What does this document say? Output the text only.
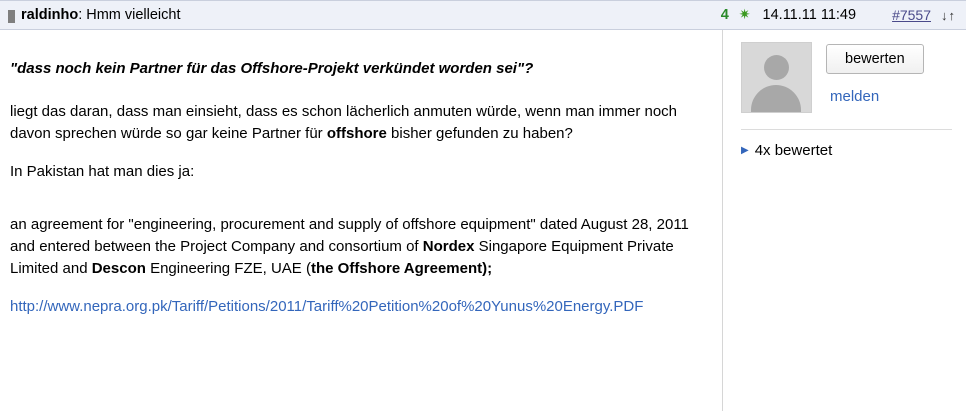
raldinho : Hmm vielleicht	4 ✷ 14.11.11 11:49	#7557 ↓↑

"dass noch kein Partner für das Offshore-Projekt verkündet worden sei"?

liegt das daran, dass man einsieht, dass es schon lächerlich anmuten würde, wenn man immer noch davon sprechen würde so gar keine Partner für offshore bisher gefunden zu haben?

In Pakistan hat man dies ja:

an agreement for "engineering, procurement and supply of offshore equipment" dated August 28, 2011 and entered between the Project Company and consortium of Nordex Singapore Equipment Private Limited and Descon Engineering FZE, UAE (the Offshore Agreement);

http://www.nepra.org.pk/Tariff/Petitions/2011/Tariff%20Petition%20of%20Yunus%20Energy.PDF

bewerten
melden
▶ 4x bewertet
